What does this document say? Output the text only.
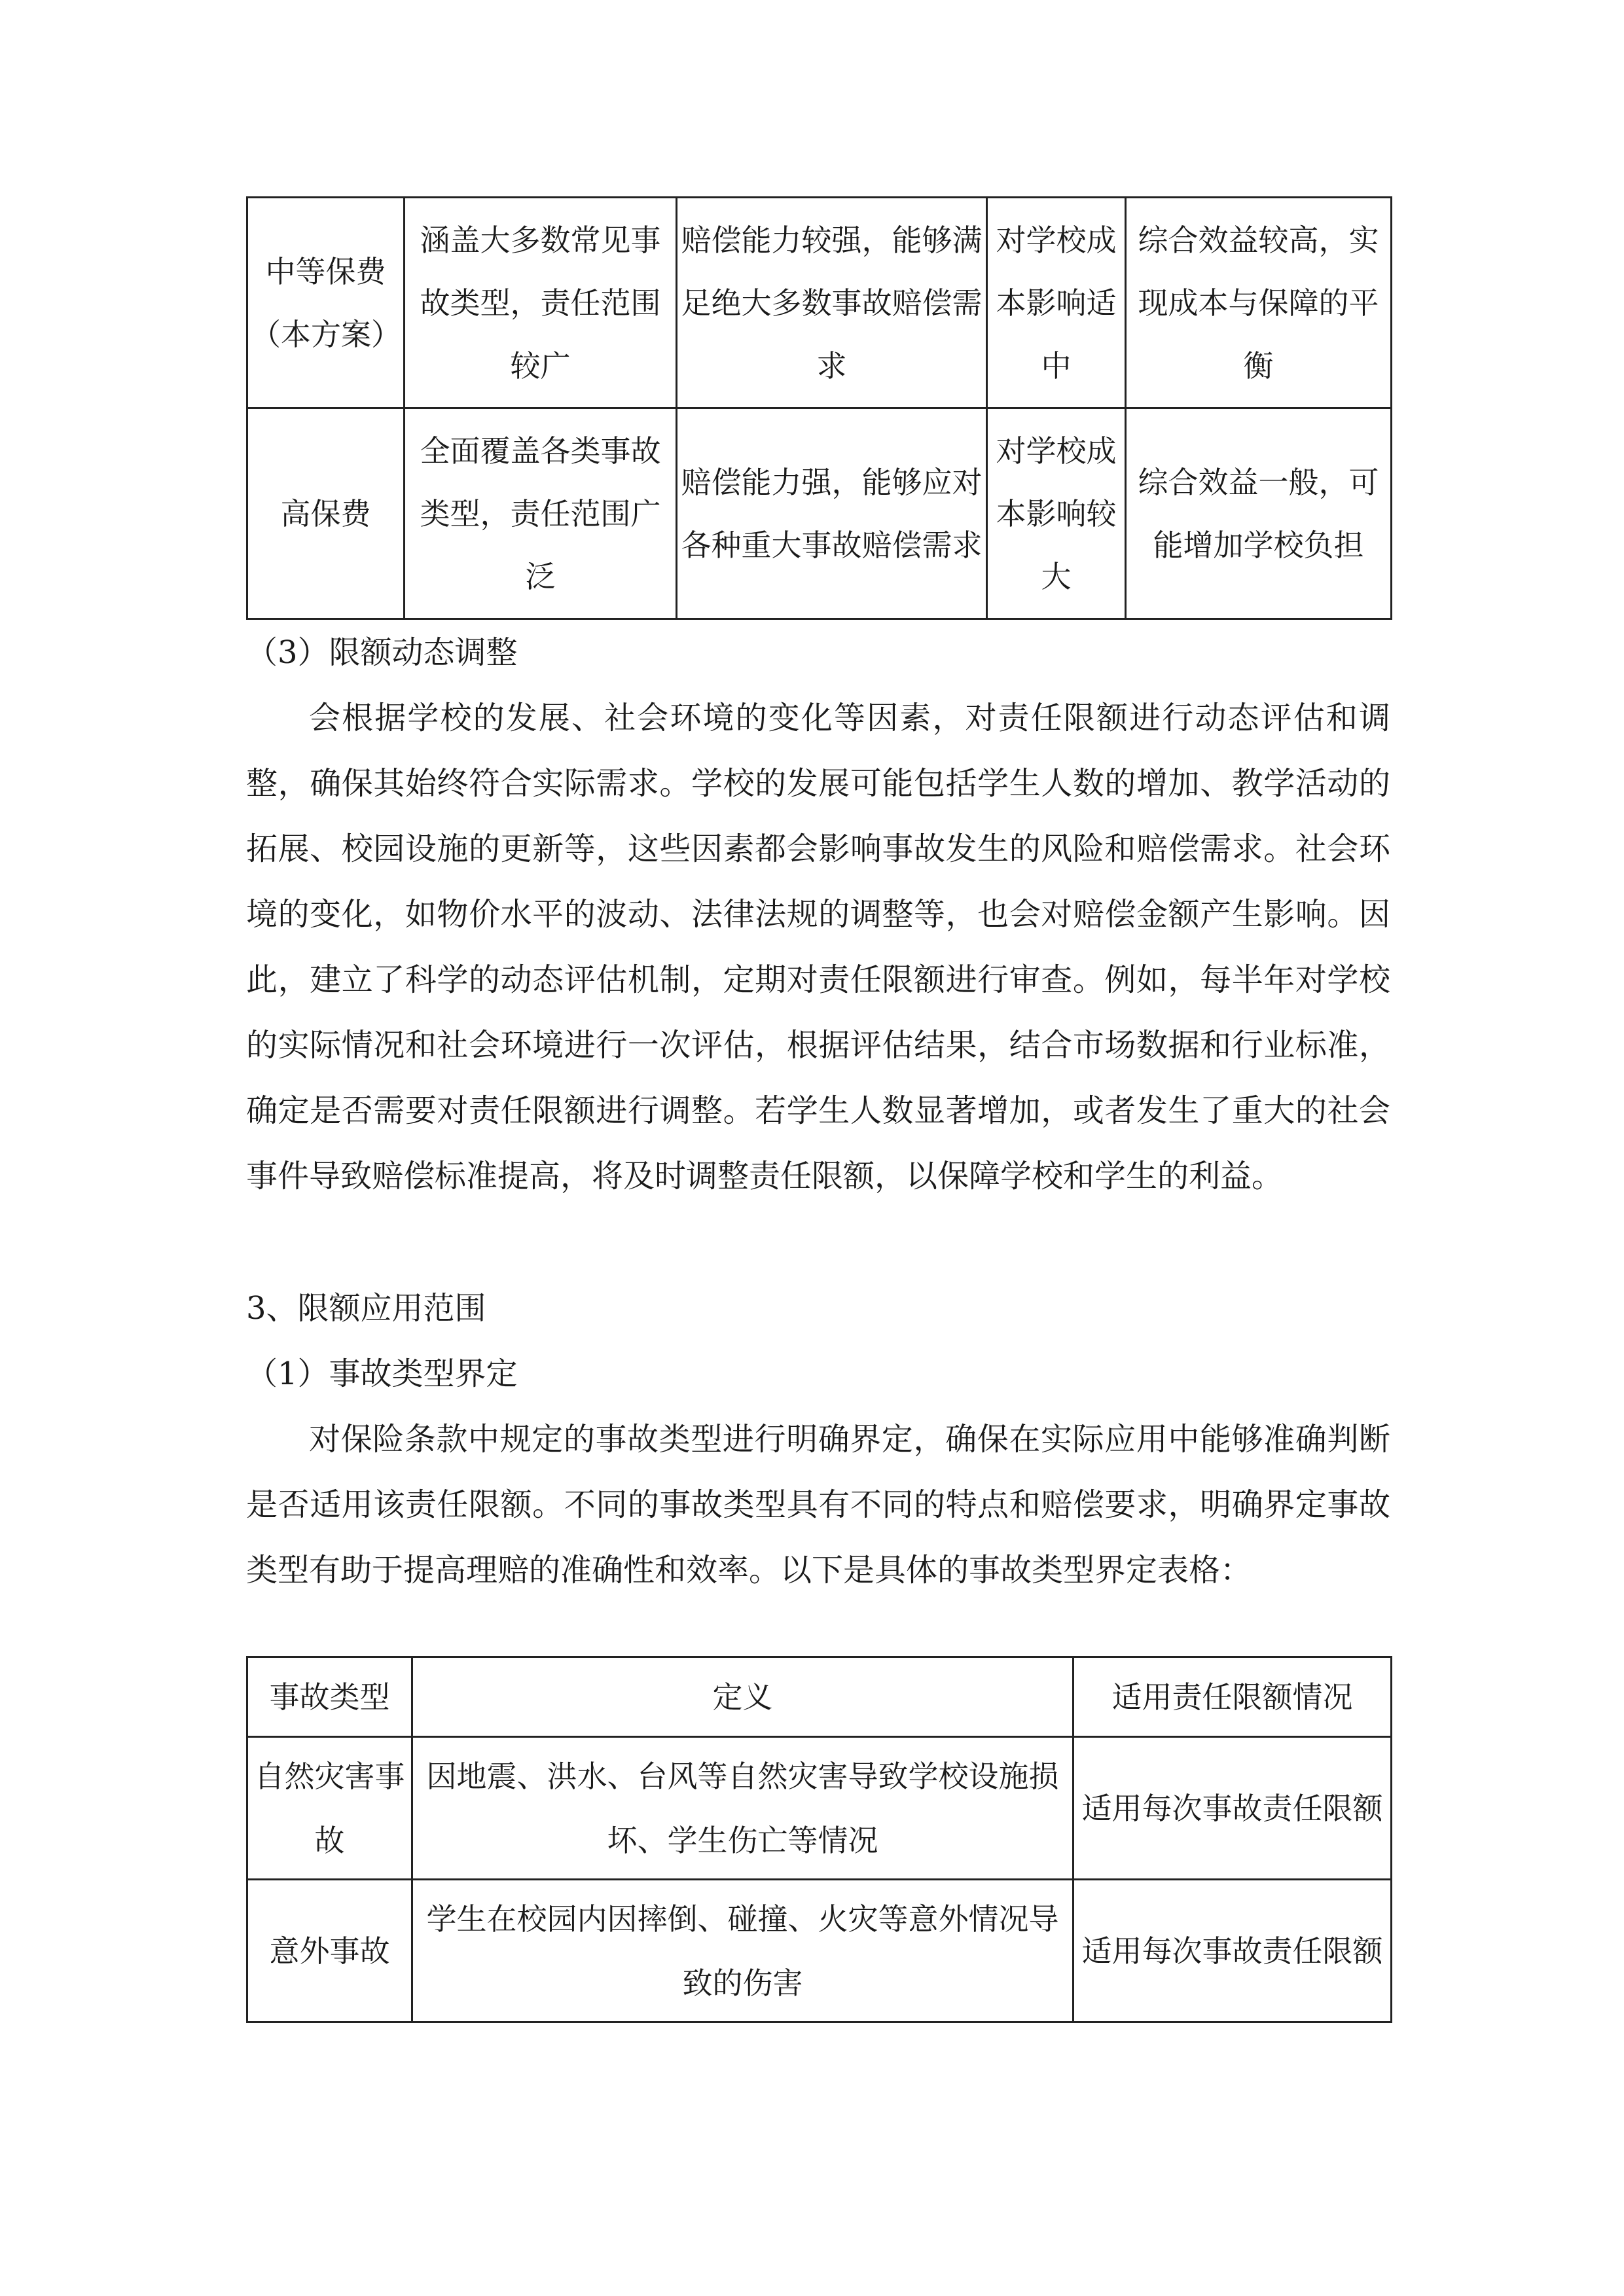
中等保费（本方案）	涵盖大多数常见事故类型，责任范围较广	赔偿能力较强，能够满足绝大多数事故赔偿需求	对学校成本影响适中	综合效益较高，实现成本与保障的平衡
高保费	全面覆盖各类事故类型，责任范围广泛	赔偿能力强，能够应对各种重大事故赔偿需求	对学校成本影响较大	综合效益一般，可能增加学校负担
（3）限额动态调整
会根据学校的发展、社会环境的变化等因素，对责任限额进行动态评估和调整，确保其始终符合实际需求。学校的发展可能包括学生人数的增加、教学活动的拓展、校园设施的更新等，这些因素都会影响事故发生的风险和赔偿需求。社会环境的变化，如物价水平的波动、法律法规的调整等，也会对赔偿金额产生影响。因此，建立了科学的动态评估机制，定期对责任限额进行审查。例如，每半年对学校的实际情况和社会环境进行一次评估，根据评估结果，结合市场数据和行业标准，确定是否需要对责任限额进行调整。若学生人数显著增加，或者发生了重大的社会事件导致赔偿标准提高，将及时调整责任限额，以保障学校和学生的利益。
3、限额应用范围
（1）事故类型界定
对保险条款中规定的事故类型进行明确界定，确保在实际应用中能够准确判断是否适用该责任限额。不同的事故类型具有不同的特点和赔偿要求，明确界定事故类型有助于提高理赔的准确性和效率。以下是具体的事故类型界定表格：
事故类型	定义	适用责任限额情况
自然灾害事故	因地震、洪水、台风等自然灾害导致学校设施损坏、学生伤亡等情况	适用每次事故责任限额
意外事故	学生在校园内因摔倒、碰撞、火灾等意外情况导致的伤害	适用每次事故责任限额
